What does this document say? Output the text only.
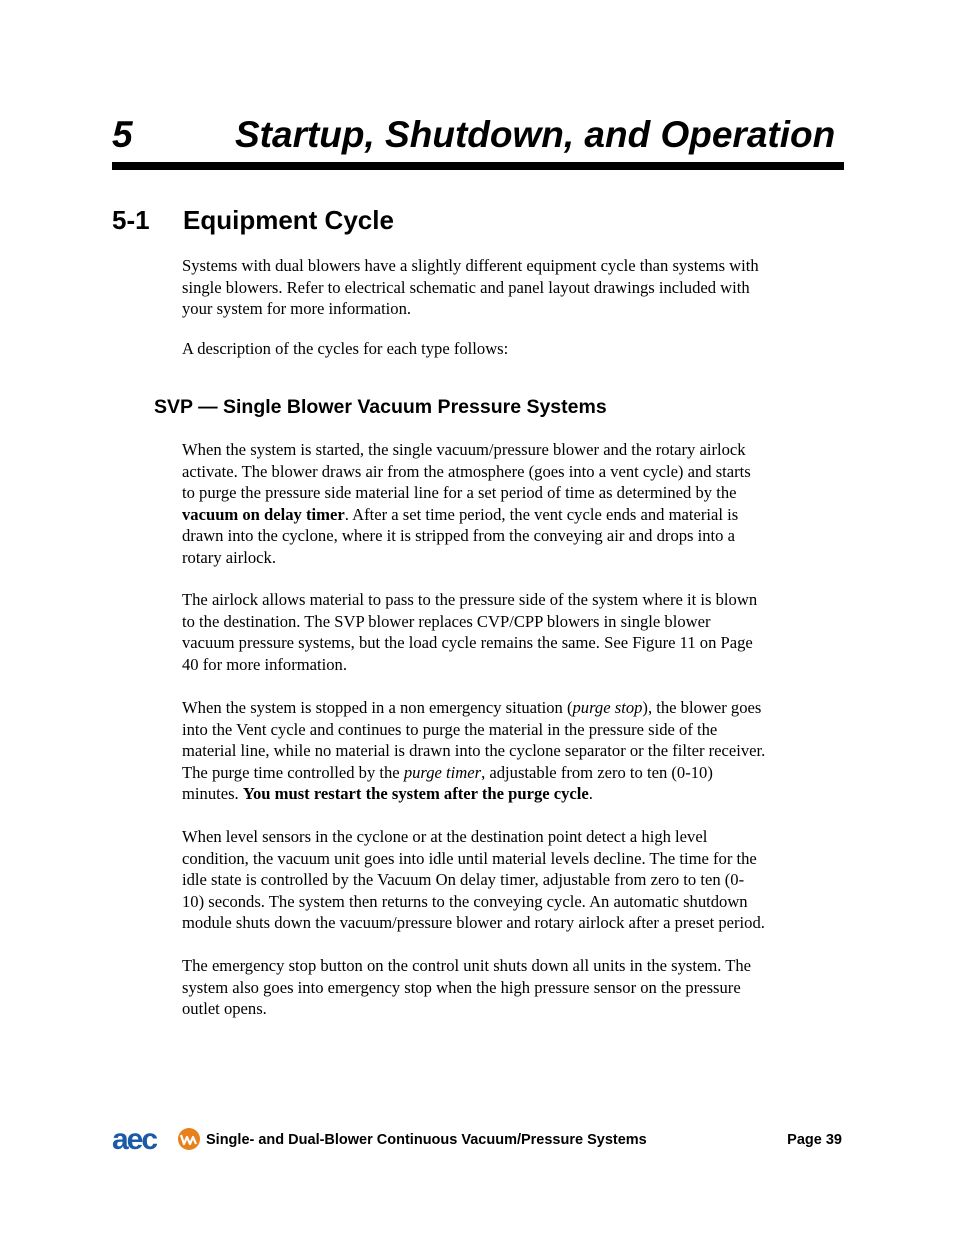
5	Startup, Shutdown, and Operation
5-1 Equipment Cycle

Systems with dual blowers have a slightly different equipment cycle than systems with
single blowers. Refer to electrical schematic and panel layout drawings included with
your system for more information.

A description of the cycles for each type follows:

SVP — Single Blower Vacuum Pressure Systems

When the system is started, the single vacuum/pressure blower and the rotary airlock
activate. The blower draws air from the atmosphere (goes into a vent cycle) and starts
to purge the pressure side material line for a set period of time as determined by the
vacuum on delay timer. After a set time period, the vent cycle ends and material is
drawn into the cyclone, where it is stripped from the conveying air and drops into a
rotary airlock.

The airlock allows material to pass to the pressure side of the system where it is blown
to the destination. The SVP blower replaces CVP/CPP blowers in single blower
vacuum pressure systems, but the load cycle remains the same. See Figure 11 on Page
40 for more information.

When the system is stopped in a non emergency situation (purge stop), the blower goes
into the Vent cycle and continues to purge the material in the pressure side of the
material line, while no material is drawn into the cyclone separator or the filter receiver.
The purge time controlled by the purge timer, adjustable from zero to ten (0-10)
minutes. You must restart the system after the purge cycle.

When level sensors in the cyclone or at the destination point detect a high level
condition, the vacuum unit goes into idle until material levels decline. The time for the
idle state is controlled by the Vacuum On delay timer, adjustable from zero to ten (0-
10) seconds. The system then returns to the conveying cycle. An automatic shutdown
module shuts down the vacuum/pressure blower and rotary airlock after a preset period.

The emergency stop button on the control unit shuts down all units in the system. The
system also goes into emergency stop when the high pressure sensor on the pressure
outlet opens.

aec	Single- and Dual-Blower Continuous Vacuum/Pressure Systems	Page 39
